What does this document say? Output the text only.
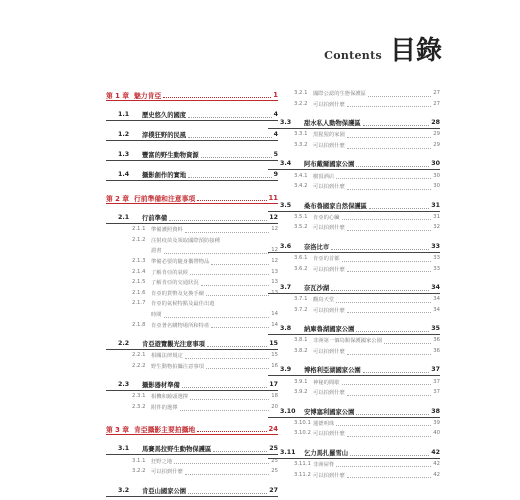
Contents 目錄
第 1 章 魅力肯亞	1
1.1	歷史悠久的國度	4
1.2	淳樸狂野的民風	4
1.3	豐富的野生動物資源	5
1.4	攝影創作的實地	9
第 2 章 行前準備和注意事項	11
2.1	行前準備	12
2.1.1	準備護照資料	12
2.1.2	注射疫苗及領取國際預防接種
證書	12
2.1.3	準備必要的隨身攜帶物品	12
2.1.4	了解肯亞的氣候	13
2.1.5	了解肯亞的交通狀況	13
2.1.6	肯亞的貨幣及兌換手續	13
2.1.7	肯亞的氣候特點及最佳出遊
時間	14
2.1.8	肯亞著名購物場所和特產	14
2.2	肯亞遊覽觀光注意事項	15
2.2.1	相關法律規定	15
2.2.2	野生動物拍攝注意事項	16
2.3	攝影器材準備	17
2.3.1	相機和鏡頭選擇	18
2.3.2	附件的選擇	20
第 3 章 肯亞攝影主要拍攝地	24
3.1	馬賽馬拉野生動物保護區	25
3.1.1	狂野之地	25
3.2.2	可以拍到什麼	25
3.2	肯亞山國家公園	27
3.2.1	國際公認的生態保護區	27
3.2.2	可以拍到什麼	27
3.3	甜水私人動物保護區	28
3.3.1	黑猩猩的家園	29
3.3.2	可以拍到什麼	29
3.4	阿布戴爾國家公園	30
3.4.1	樹頂酒店	30
3.4.2	可以拍到什麼	30
3.5	桑布魯國家自然保護區	31
3.5.1	肯亞的心臟	31
3.5.2	可以拍到什麼	32
3.6	奈洛比市	33
3.6.1	肯亞的首都	33
3.6.2	可以拍到什麼	33
3.7	奈瓦沙湖	34
3.7.1	觀鳥天堂	34
3.7.2	可以拍到什麼	34
3.8	納庫魯湖國家公園	35
3.8.1	非洲第一個鳥類保護國家公園	36
3.8.2	可以拍到什麼	36
3.9	博格利亞湖國家公園	37
3.9.1	神秘的間歇	37
3.9.2	可以拍到什麼	37
3.10	安博塞利國家公園	38
3.10.1 蓮德明珠	39
3.10.2 可以拍到什麼	40
3.11	乞力馬扎羅雪山	42
3.11.1 非洲屋脊	42
3.11.2 可以拍到什麼	42
